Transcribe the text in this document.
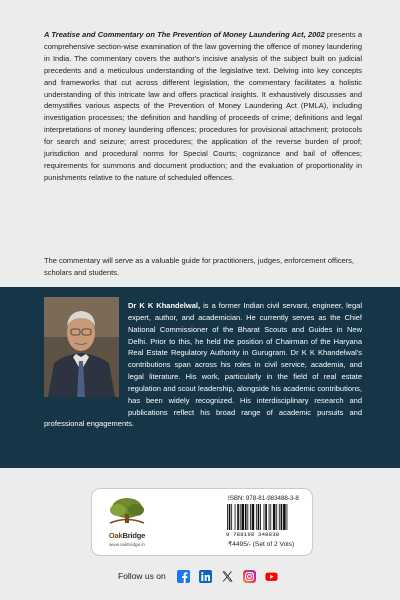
A Treatise and Commentary on The Prevention of Money Laundering Act, 2002 presents a comprehensive section-wise examination of the law governing the offence of money laundering in India. The commentary covers the author's incisive analysis of the subject built on judicial precedents and a meticulous understanding of the legislative text. Delving into key concepts and frameworks that cut across different legislation, the commentary facilitates a holistic understanding of this intricate law and offers practical insights. It exhaustively discusses and demystifies various aspects of the Prevention of Money Laundering Act (PMLA), including investigation processes; the definition and handling of proceeds of crime; definitions and legal interpretations of money laundering offences; procedures for provisional attachment; protocols for search and seizure; arrest procedures; the application of the reverse burden of proof; jurisdiction and procedural norms for Special Courts; cognizance and bail of offences; requirements for summons and document production; and the evaluation of proportionality in punishments relative to the nature of scheduled offences.

The commentary will serve as a valuable guide for practitioners, judges, enforcement officers, scholars and students.

Dr K K Khandelwal, is a former Indian civil servant, engineer, legal expert, author, and academician. He currently serves as the Chief National Commissioner of the Bharat Scouts and Guides in New Delhi. Prior to this, he held the position of Chairman of the Haryana Real Estate Regulatory Authority in Gurugram. Dr K K Khandelwal's contributions span across his roles in civil service, academia, and legal literature. His work, particularly in the field of real estate regulation and scout leadership, alongside his academic contributions, has been widely recognized. His interdisciplinary research and publications reflect his broad range of academic pursuits and professional engagements.

OakBridge
www.oakbridge.in
ISBN: 978-81-983488-3-8
9 788198 348838
₹4495/- (Set of 2 Vols)
Follow us on
